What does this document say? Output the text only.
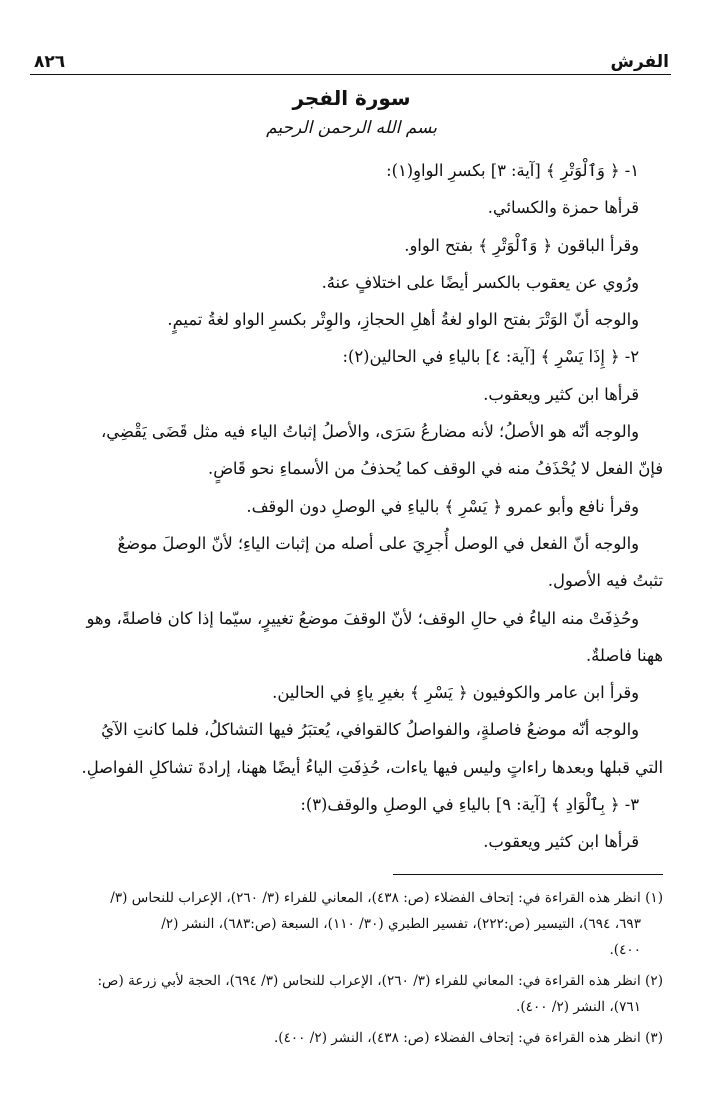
الفرش
٨٢٦
سورة الفجر
بسم الله الرحمن الرحيم

١- ﴿ وَٱلْوَتْرِ ﴾ [آية: ٣] بكسرِ الواوِ(١):

قرأها حمزة والكسائي.

وقرأ الباقون ﴿ وَٱلْوَتْرِ ﴾ بفتح الواو.

ورُوي عن يعقوب بالكسر أيضًا على اختلافٍ عنهُ.

والوجه أنّ الوَتْرَ بفتح الواو لغةُ أهلِ الحجازِ، والوِتْر بكسرِ الواو لغةُ تميمٍ.

٢- ﴿ إِذَا يَسْرِ ﴾ [آية: ٤] بالياءِ في الحالين(٢):

قرأها ابن كثير ويعقوب.

والوجه أنّه هو الأصلُ؛ لأنه مضارعُ سَرَى، والأصلُ إثباتُ الياء فيه مثل قَضَى يَقْضِي،

فإنّ الفعل لا يُحْذَفُ منه في الوقف كما يُحذفُ من الأسماءِ نحو قَاضٍ.

وقرأ نافع وأبو عمرو ﴿ يَسْرِ ﴾ بالياءِ في الوصلِ دون الوقف.

والوجه أنّ الفعل في الوصل أُجرِيَ على أصله من إثبات الياءِ؛ لأنّ الوصلَ موضعٌ

تثبتُ فيه الأصول.

وحُذِفَتْ منه الياءُ في حالِ الوقف؛ لأنّ الوقفَ موضعُ تغييرٍ، سيّما إذا كان فاصلةً، وهو

ههنا فاصلةٌ.

وقرأ ابن عامر والكوفيون ﴿ يَسْرِ ﴾ بغيرِ ياءٍ في الحالين.

والوجه أنّه موضعُ فاصلةٍ، والفواصلُ كالقوافي، يُعتبَرُ فيها التشاكلُ، فلما كانتِ الآيُ

التي قبلها وبعدها راءاتٍ وليس فيها ياءات، حُذِفَتِ الياءُ أيضًا ههنا، إرادةَ تشاكلِ الفواصلِ.

٣- ﴿ بِٱلْوَادِ ﴾ [آية: ٩] بالياءِ في الوصلِ والوقف(٣):

قرأها ابن كثير ويعقوب.

(١) انظر هذه القراءة في: إتحاف الفضلاء (ص: ٤٣٨)، المعاني للفراء (٣/ ٢٦٠)، الإعراب للنحاس (٣/

٦٩٣، ٦٩٤)، التيسير (ص:٢٢٢)، تفسير الطبري (٣٠/ ١١٠)، السبعة (ص:٦٨٣)، النشر (٢/

٤٠٠).

(٢) انظر هذه القراءة في: المعاني للفراء (٣/ ٢٦٠)، الإعراب للنحاس (٣/ ٦٩٤)، الحجة لأبي زرعة (ص:

٧٦١)، النشر (٢/ ٤٠٠).

(٣) انظر هذه القراءة في: إتحاف الفضلاء (ص: ٤٣٨)، النشر (٢/ ٤٠٠).
